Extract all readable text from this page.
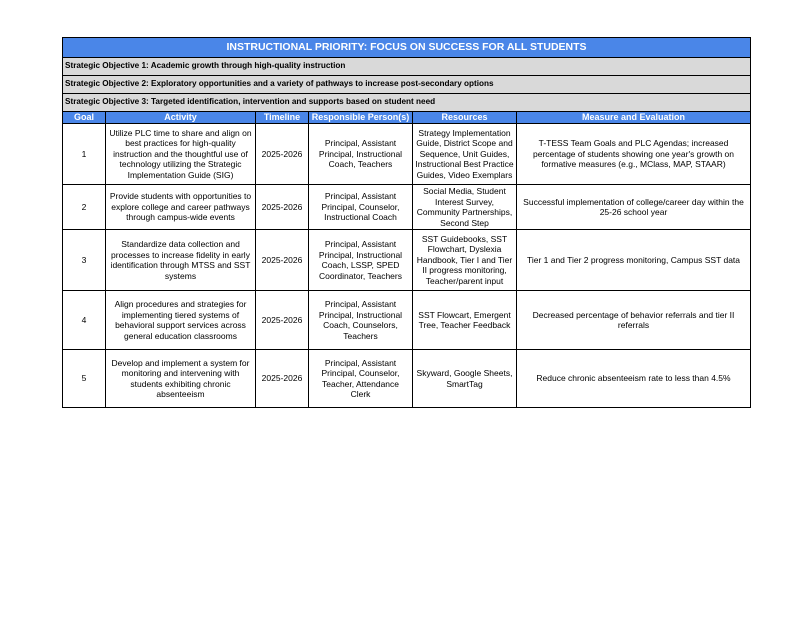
INSTRUCTIONAL PRIORITY: FOCUS ON SUCCESS FOR ALL STUDENTS					
Strategic Objective 1: Academic growth through high-quality instruction					
Strategic Objective 2: Exploratory opportunities and a variety of pathways to increase post-secondary options					
Strategic Objective 3: Targeted identification, intervention and supports based on student need					
Goal	Activity	Timeline	Responsible Person(s)	Resources	Measure and Evaluation
1	Utilize PLC time to share and align on best practices for high-quality instruction and the thoughtful use of technology utilizing the Strategic Implementation Guide (SIG)	2025-2026	Principal, Assistant Principal, Instructional Coach, Teachers	Strategy Implementation Guide, District Scope and Sequence, Unit Guides, Instructional Best Practice Guides, Video Exemplars	T-TESS Team Goals and PLC Agendas; increased percentage of students showing one year's growth on formative measures (e.g., MClass, MAP, STAAR)
2	Provide students with opportunities to explore college and career pathways through campus-wide events	2025-2026	Principal, Assistant Principal, Counselor, Instructional Coach	Social Media, Student Interest Survey, Community Partnerships, Second Step	Successful implementation of college/career day within the 25-26 school year
3	Standardize data collection and processes to increase fidelity in early identification through MTSS and SST systems	2025-2026	Principal, Assistant Principal, Instructional Coach, LSSP, SPED Coordinator, Teachers	SST Guidebooks, SST Flowchart, Dyslexia Handbook, Tier I and Tier II progress monitoring, Teacher/parent input	Tier 1 and Tier 2 progress monitoring, Campus SST data
4	Align procedures and strategies for implementing tiered systems of behavioral support services across general education classrooms	2025-2026	Principal, Assistant Principal, Instructional Coach, Counselors, Teachers	SST Flowcart, Emergent Tree, Teacher Feedback	Decreased percentage of behavior referrals and tier II referrals
5	Develop and implement a system for monitoring and intervening with students exhibiting chronic absenteeism	2025-2026	Principal, Assistant Principal, Counselor, Teacher, Attendance Clerk	Skyward, Google Sheets, SmartTag	Reduce chronic absenteeism rate to less than 4.5%
